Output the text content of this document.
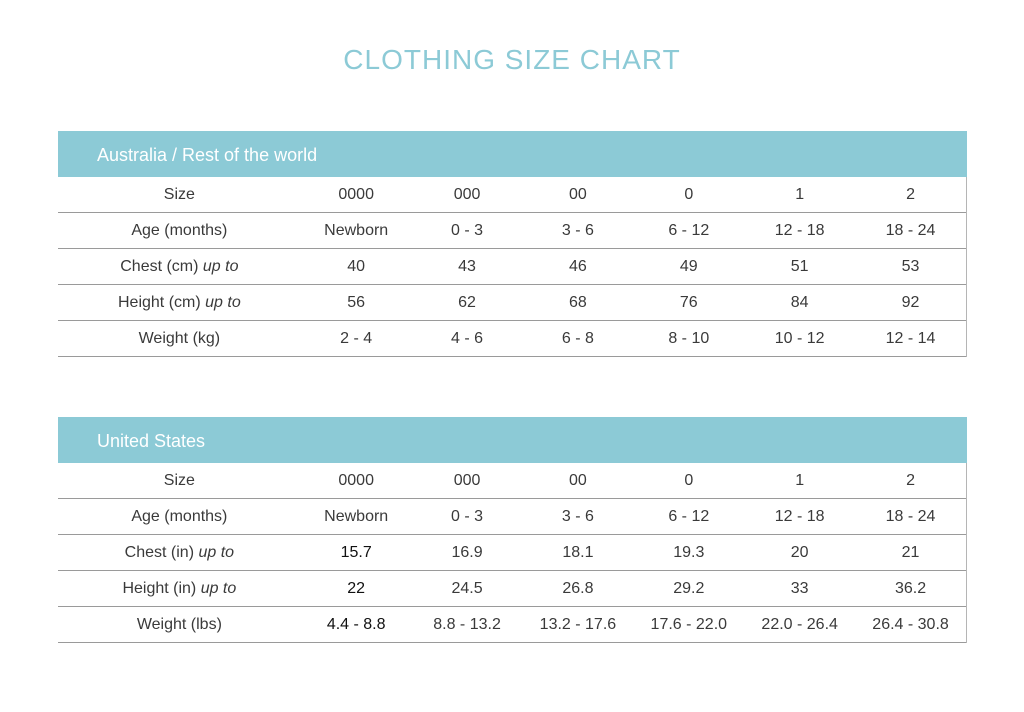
CLOTHING SIZE CHART
Australia / Rest of the world
Size	0000	000	00	0	1	2
Age (months)	Newborn	0 - 3	3 - 6	6 - 12	12 - 18	18 - 24
Chest (cm) up to	40	43	46	49	51	53
Height (cm) up to	56	62	68	76	84	92
Weight (kg)	2 - 4	4 - 6	6 - 8	8 - 10	10 - 12	12 - 14
United States
Size	0000	000	00	0	1	2
Age (months)	Newborn	0 - 3	3 - 6	6 - 12	12 - 18	18 - 24
Chest (in) up to	15.7	16.9	18.1	19.3	20	21
Height (in) up to	22	24.5	26.8	29.2	33	36.2
Weight (lbs)	4.4 - 8.8	8.8 - 13.2	13.2 - 17.6	17.6 - 22.0	22.0 - 26.4	26.4 - 30.8
